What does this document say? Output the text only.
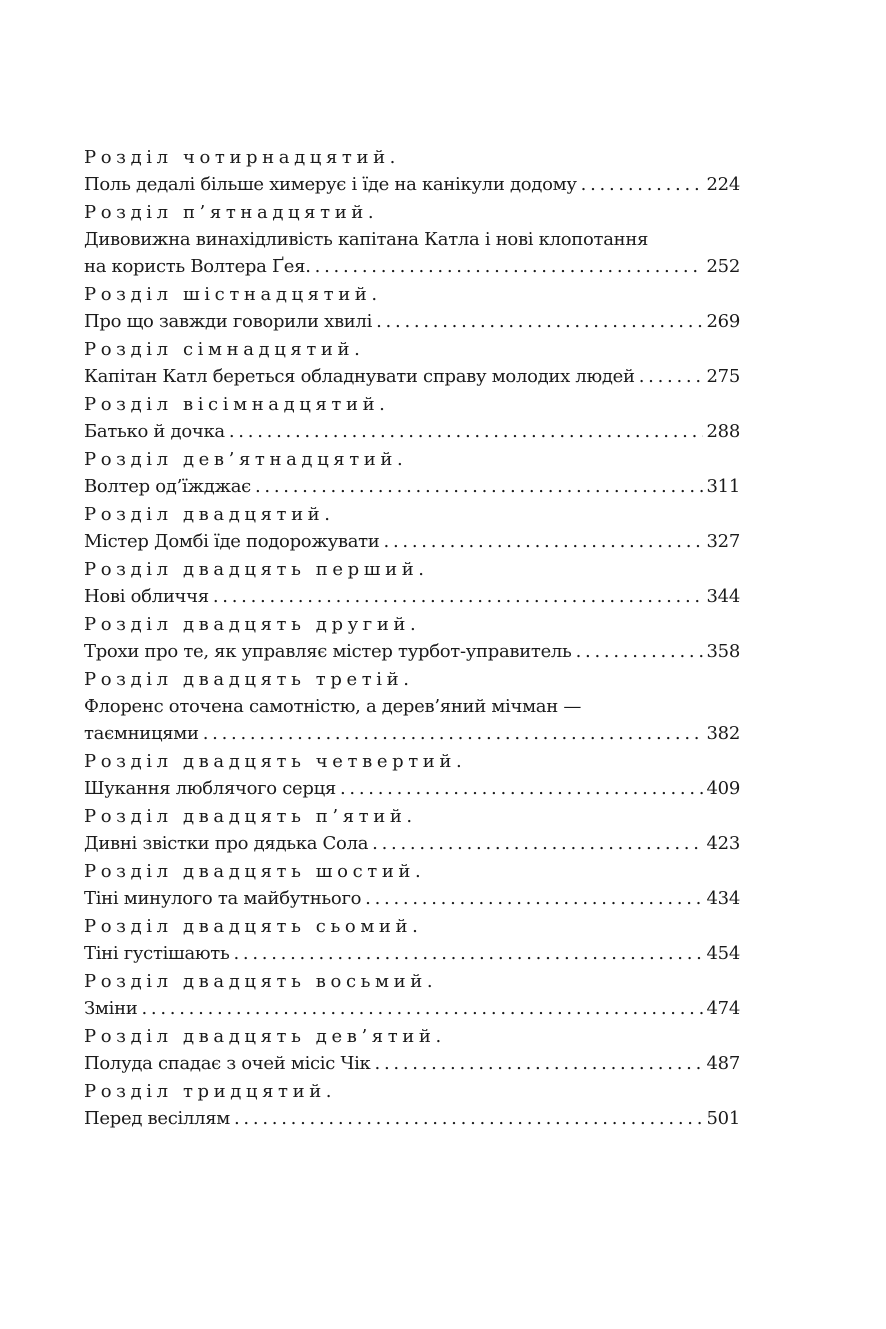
Розділ чотирнадцятий.
Поль дедалі більше химерує і їде на канікули додому . . .	224
Розділ п’ятнадцятий.
Дивовижна винахідливість капітана Катла і нові клопотання
на користь Волтера Ґея. . . .	252
Розділ шістнадцятий.
Про що завжди говорили хвилі . . .	269
Розділ сімнадцятий.
Капітан Катл береться обладнувати справу молодих людей . . .	275
Розділ вісімнадцятий.
Батько й дочка . . .	288
Розділ дев’ятнадцятий.
Волтер од’їжджає . . .	311
Розділ двадцятий.
Містер Домбі їде подорожувати . . .	327
Розділ двадцять перший.
Нові обличчя . . .	344
Розділ двадцять другий.
Трохи про те, як управляє містер турбот-управитель . . .	358
Розділ двадцять третій.
Флоренс оточена самотністю, а дерев’яний мічман —
таємницями . . .	382
Розділ двадцять четвертий.
Шукання люблячого серця . . .	409
Розділ двадцять п’ятий.
Дивні звістки про дядька Сола . . .	423
Розділ двадцять шостий.
Тіні минулого та майбутнього . . .	434
Розділ двадцять сьомий.
Тіні густішають . . .	454
Розділ двадцять восьмий.
Зміни . . .	474
Розділ двадцять дев’ятий.
Полуда спадає з очей місіс Чік . . .	487
Розділ тридцятий.
Перед весіллям . . .	501
